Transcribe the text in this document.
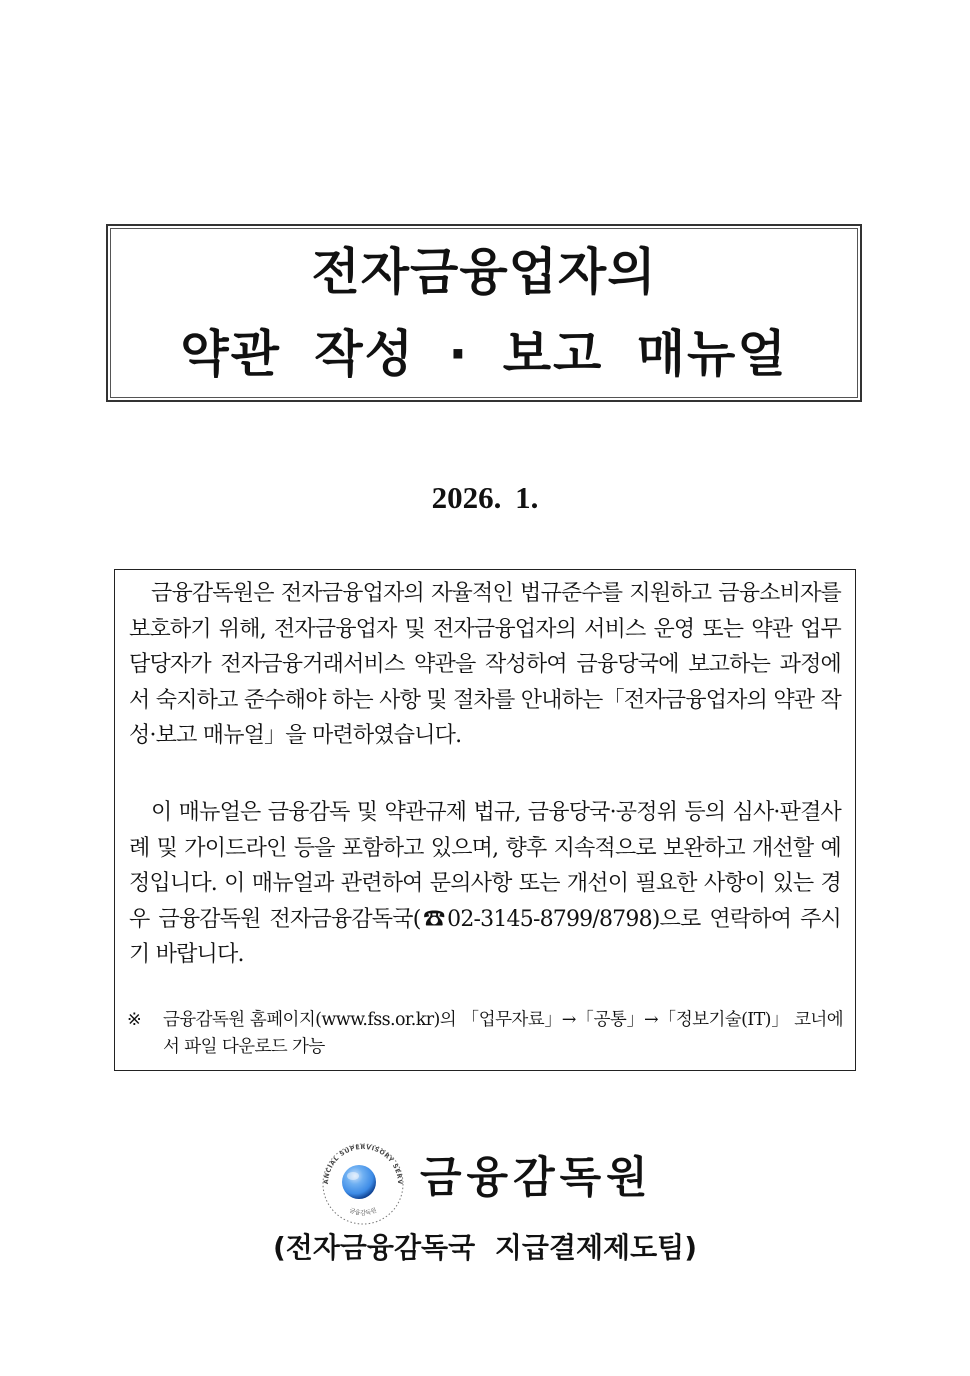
전자금융업자의
약관 작성 · 보고 매뉴얼
2026. 1.
금융감독원은 전자금융업자의 자율적인 법규준수를 지원하고 금융소비자를 보호하기 위해, 전자금융업자 및 전자금융업자의 서비스 운영 또는 약관 업무 담당자가 전자금융거래서비스 약관을 작성하여 금융당국에 보고하는 과정에서 숙지하고 준수해야 하는 사항 및 절차를 안내하는「전자금융업자의 약관 작성·보고 매뉴얼」을 마련하였습니다.
이 매뉴얼은 금융감독 및 약관규제 법규, 금융당국·공정위 등의 심사·판결사례 및 가이드라인 등을 포함하고 있으며, 향후 지속적으로 보완하고 개선할 예정입니다. 이 매뉴얼과 관련하여 문의사항 또는 개선이 필요한 사항이 있는 경우 금융감독원 전자금융감독국(☎02-3145-8799/8798)으로 연락하여 주시기 바랍니다.
※ 금융감독원 홈페이지(www.fss.or.kr)의 「업무자료」→「공통」→「정보기술(IT)」 코너에서 파일 다운로드 가능
ANCIAL SUPERVISORY SERV
금융감독원
금융감독원
(전자금융감독국 지급결제제도팀)
